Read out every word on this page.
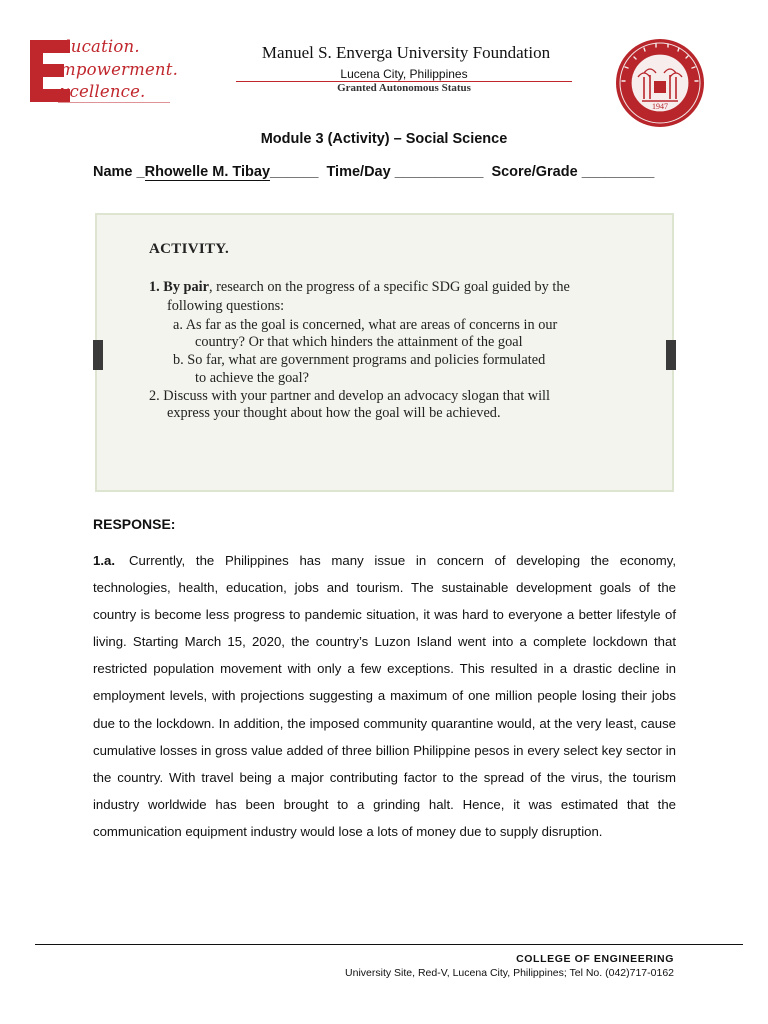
ducation.
mpowerment.
xcellence.
Manuel S. Enverga University Foundation
Lucena City, Philippines
Granted Autonomous Status
1947
Module 3 (Activity) – Social Science
Name _Rhowelle M. Tibay______ Time/Day ___________ Score/Grade _________
ACTIVITY.
1. By pair, research on the progress of a specific SDG goal guided by the
following questions:
a. As far as the goal is concerned, what are areas of concerns in our
country? Or that which hinders the attainment of the goal
b. So far, what are government programs and policies formulated
to achieve the goal?
2. Discuss with your partner and develop an advocacy slogan that will
express your thought about how the goal will be achieved.
RESPONSE:
1.a. Currently, the Philippines has many issue in concern of developing the economy, technologies, health, education, jobs and tourism. The sustainable development goals of the country is become less progress to pandemic situation, it was hard to everyone a better lifestyle of living. Starting March 15, 2020, the country’s Luzon Island went into a complete lockdown that restricted population movement with only a few exceptions. This resulted in a drastic decline in employment levels, with projections suggesting a maximum of one million people losing their jobs due to the lockdown. In addition, the imposed community quarantine would, at the very least, cause cumulative losses in gross value added of three billion Philippine pesos in every select key sector in the country. With travel being a major contributing factor to the spread of the virus, the tourism industry worldwide has been brought to a grinding halt. Hence, it was estimated that the communication equipment industry would lose a lots of money due to supply disruption.
COLLEGE OF ENGINEERING
University Site, Red-V, Lucena City, Philippines; Tel No. (042)717-0162
